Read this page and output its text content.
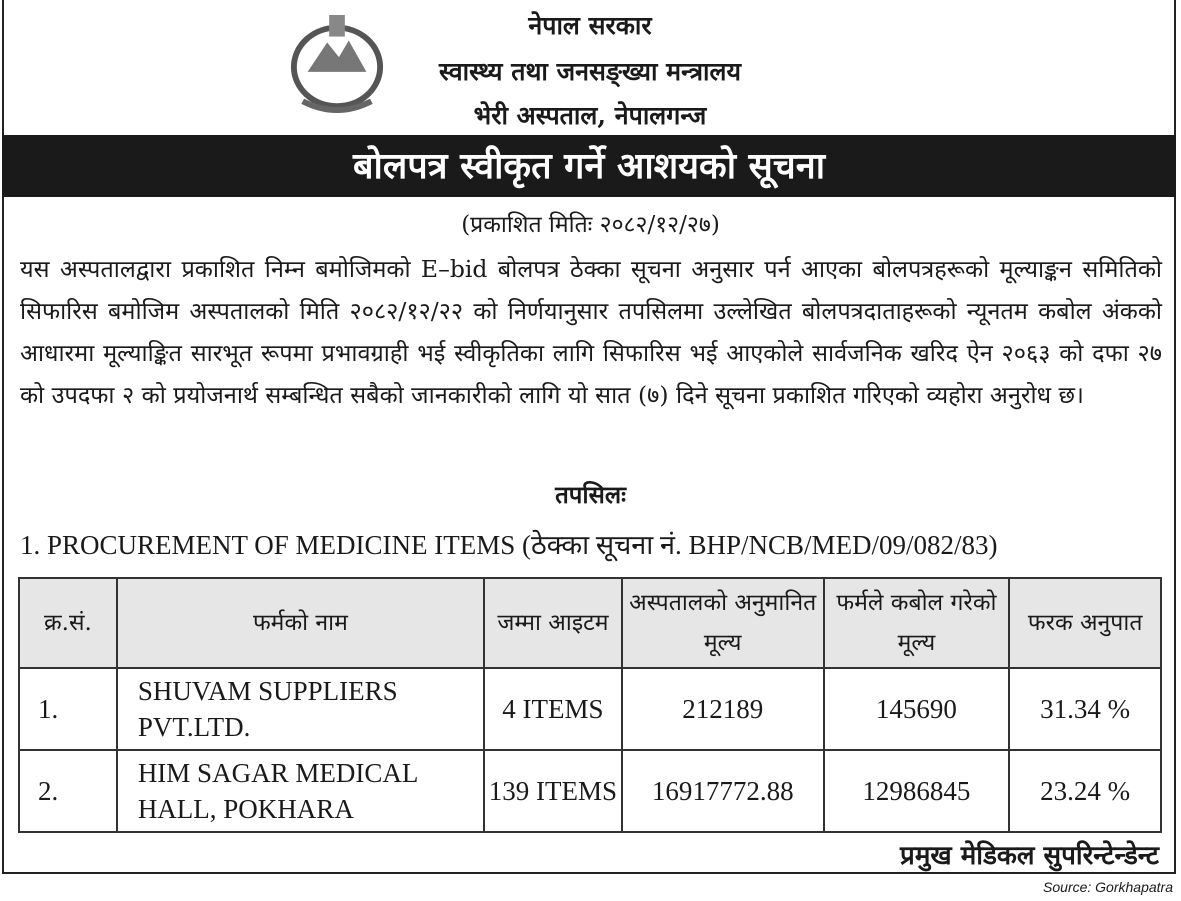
नेपाल सरकार
स्वास्थ्य तथा जनसङ्ख्या मन्त्रालय
भेरी अस्पताल, नेपालगन्ज
बोलपत्र स्वीकृत गर्ने आशयको सूचना
(प्रकाशित मितिः २०८२/१२/२७)
यस अस्पतालद्वारा प्रकाशित निम्न बमोजिमको E–bid बोलपत्र ठेक्का सूचना अनुसार पर्न आएका बोलपत्रहरूको मूल्याङ्कन समितिको सिफारिस बमोजिम अस्पतालको मिति २०८२/१२/२२ को निर्णयानुसार तपसिलमा उल्लेखित बोलपत्रदाताहरूको न्यूनतम कबोल अंकको आधारमा मूल्याङ्कित सारभूत रूपमा प्रभावग्राही भई स्वीकृतिका लागि सिफारिस भई आएकोले सार्वजनिक खरिद ऐन २०६३ को दफा २७ को उपदफा २ को प्रयोजनार्थ सम्बन्धित सबैको जानकारीको लागि यो सात (७) दिने सूचना प्रकाशित गरिएको व्यहोरा अनुरोध छ।
तपसिलः
1. PROCUREMENT OF MEDICINE ITEMS (ठेक्का सूचना नं. BHP/NCB/MED/09/082/83)
क्र.सं.	फर्मको नाम	जम्मा आइटम	अस्पतालको अनुमानित मूल्य	फर्मले कबोल गरेको मूल्य	फरक अनुपात
1.	SHUVAM SUPPLIERS PVT.LTD.	4 ITEMS	212189	145690	31.34 %
2.	HIM SAGAR MEDICAL HALL, POKHARA	139 ITEMS	16917772.88	12986845	23.24 %
प्रमुख मेडिकल सुपरिन्टेन्डेन्ट
Source: Gorkhapatra
